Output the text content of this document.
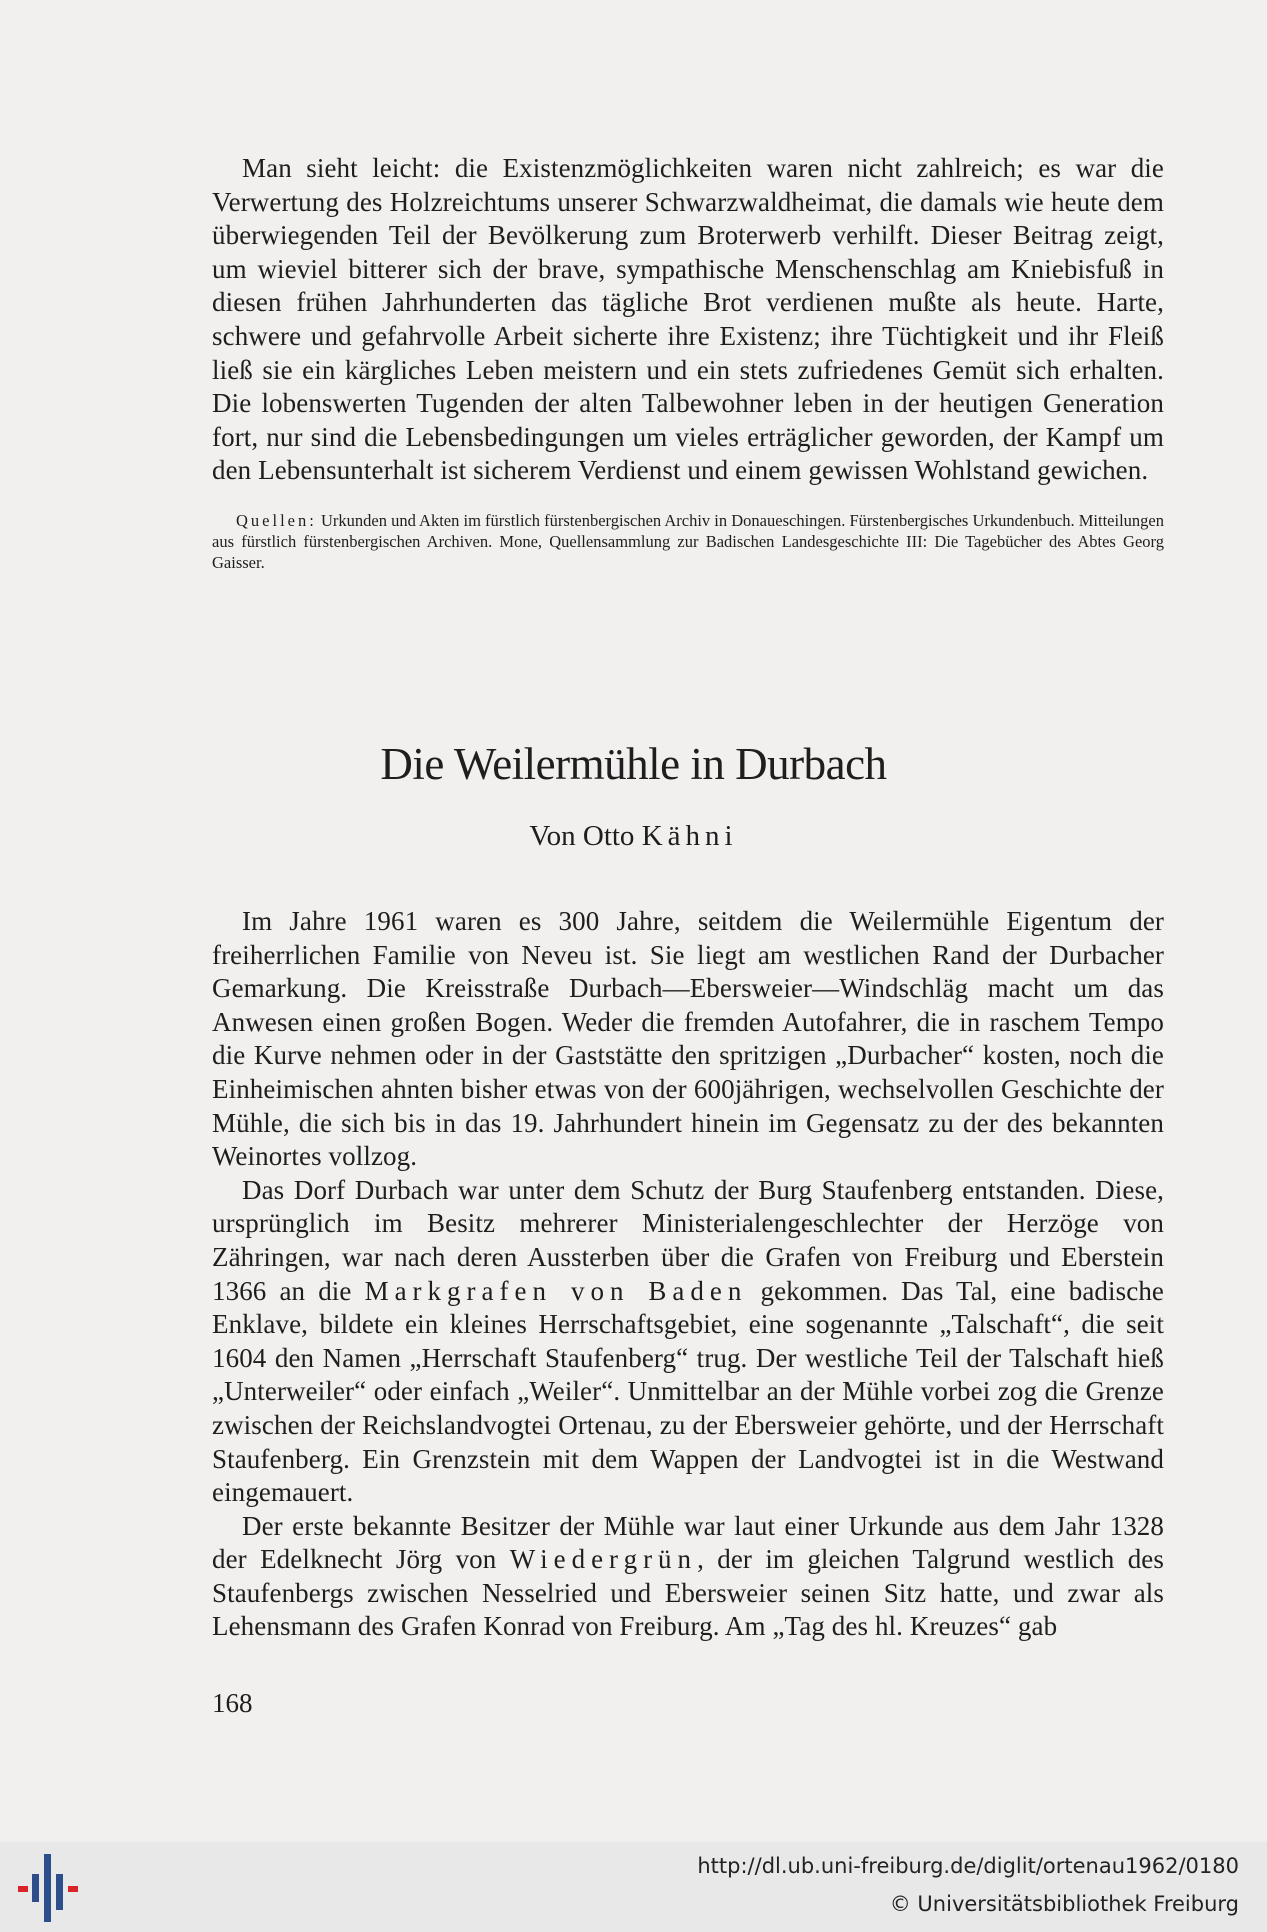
Man sieht leicht: die Existenzmöglichkeiten waren nicht zahlreich; es war die Verwertung des Holzreichtums unserer Schwarzwaldheimat, die damals wie heute dem überwiegenden Teil der Bevölkerung zum Broterwerb verhilft. Dieser Beitrag zeigt, um wieviel bitterer sich der brave, sympathische Menschenschlag am Kniebisfuß in diesen frühen Jahrhunderten das tägliche Brot verdienen mußte als heute. Harte, schwere und gefahrvolle Arbeit sicherte ihre Existenz; ihre Tüchtigkeit und ihr Fleiß ließ sie ein kärgliches Leben meistern und ein stets zufriedenes Gemüt sich erhalten. Die lobenswerten Tugenden der alten Talbewohner leben in der heutigen Generation fort, nur sind die Lebensbedingungen um vieles erträglicher geworden, der Kampf um den Lebensunterhalt ist sicherem Verdienst und einem gewissen Wohlstand gewichen.

Quellen: Urkunden und Akten im fürstlich fürstenbergischen Archiv in Donaueschingen. Fürstenbergisches Urkundenbuch. Mitteilungen aus fürstlich fürstenbergischen Archiven. Mone, Quellensammlung zur Badischen Landesgeschichte III: Die Tagebücher des Abtes Georg Gaisser.

Die Weilermühle in Durbach
Von Otto Kähni

Im Jahre 1961 waren es 300 Jahre, seitdem die Weilermühle Eigentum der freiherrlichen Familie von Neveu ist. Sie liegt am westlichen Rand der Durbacher Gemarkung. Die Kreisstraße Durbach—Ebersweier—Windschläg macht um das Anwesen einen großen Bogen. Weder die fremden Autofahrer, die in raschem Tempo die Kurve nehmen oder in der Gaststätte den spritzigen „Durbacher“ kosten, noch die Einheimischen ahnten bisher etwas von der 600jährigen, wechselvollen Geschichte der Mühle, die sich bis in das 19. Jahrhundert hinein im Gegensatz zu der des bekannten Weinortes vollzog.

Das Dorf Durbach war unter dem Schutz der Burg Staufenberg entstanden. Diese, ursprünglich im Besitz mehrerer Ministerialengeschlechter der Herzöge von Zähringen, war nach deren Aussterben über die Grafen von Freiburg und Eberstein 1366 an die Markgrafen von Baden gekommen. Das Tal, eine badische Enklave, bildete ein kleines Herrschaftsgebiet, eine sogenannte „Talschaft“, die seit 1604 den Namen „Herrschaft Staufenberg“ trug. Der westliche Teil der Talschaft hieß „Unterweiler“ oder einfach „Weiler“. Unmittelbar an der Mühle vorbei zog die Grenze zwischen der Reichslandvogtei Ortenau, zu der Ebersweier gehörte, und der Herrschaft Staufenberg. Ein Grenzstein mit dem Wappen der Landvogtei ist in die Westwand eingemauert.

Der erste bekannte Besitzer der Mühle war laut einer Urkunde aus dem Jahr 1328 der Edelknecht Jörg von Wiedergrün, der im gleichen Talgrund westlich des Staufenbergs zwischen Nesselried und Ebersweier seinen Sitz hatte, und zwar als Lehensmann des Grafen Konrad von Freiburg. Am „Tag des hl. Kreuzes“ gab

168
http://dl.ub.uni-freiburg.de/diglit/ortenau1962/0180
© Universitätsbibliothek Freiburg
